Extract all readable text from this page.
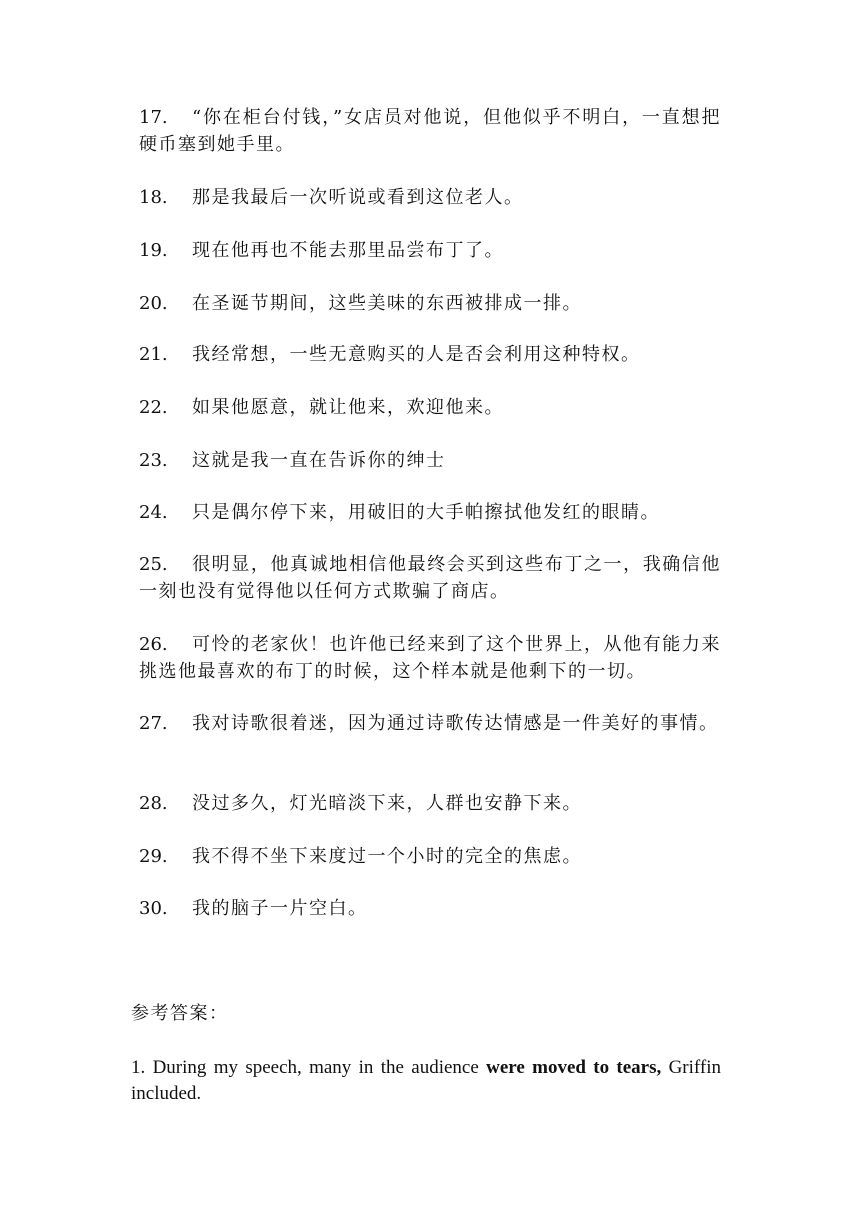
17. “你在柜台付钱，”女店员对他说，但他似乎不明白，一直想把硬币塞到她手里。
18. 那是我最后一次听说或看到这位老人。
19. 现在他再也不能去那里品尝布丁了。
20. 在圣诞节期间，这些美味的东西被排成一排。
21. 我经常想，一些无意购买的人是否会利用这种特权。
22. 如果他愿意，就让他来，欢迎他来。
23. 这就是我一直在告诉你的绅士
24. 只是偶尔停下来，用破旧的大手帕擦拭他发红的眼睛。
25. 很明显，他真诚地相信他最终会买到这些布丁之一，我确信他一刻也没有觉得他以任何方式欺骗了商店。
26. 可怜的老家伙！也许他已经来到了这个世界上，从他有能力来挑选他最喜欢的布丁的时候，这个样本就是他剩下的一切。
27. 我对诗歌很着迷，因为通过诗歌传达情感是一件美好的事情。
28. 没过多久，灯光暗淡下来，人群也安静下来。
29. 我不得不坐下来度过一个小时的完全的焦虑。
30. 我的脑子一片空白。
参考答案：
1. During my speech, many in the audience were moved to tears, Griffin included.
